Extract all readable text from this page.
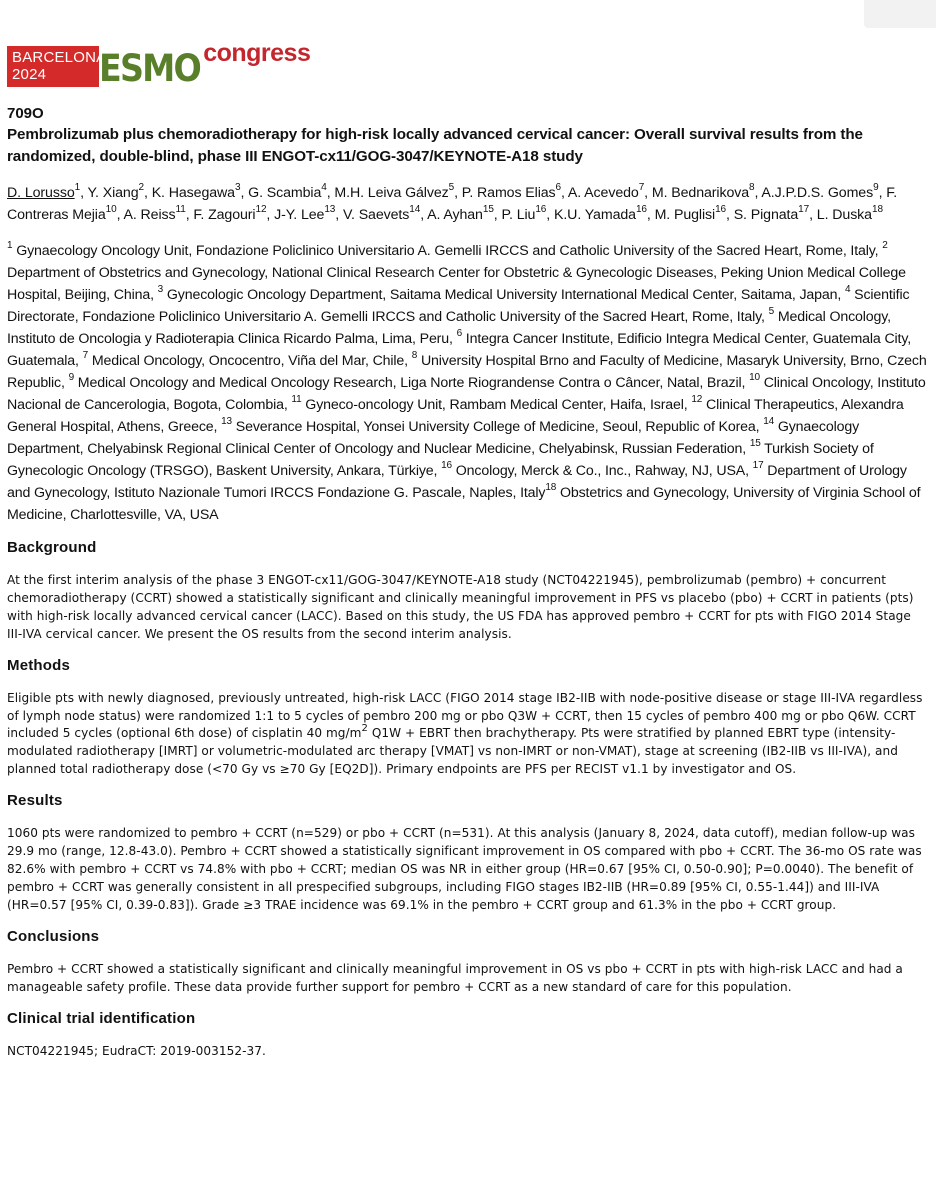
BARCELONA
2024	ESMO congress
709O
Pembrolizumab plus chemoradiotherapy for high-risk locally advanced cervical cancer: Overall survival results from the randomized, double-blind, phase III ENGOT-cx11/GOG-3047/KEYNOTE-A18 study
D. Lorusso$^1$, Y. Xiang$^2$, K. Hasegawa$^3$, G. Scambia$^4$, M.H. Leiva Gálvez$^5$, P. Ramos Elias$^6$, A. Acevedo$^7$, M. Bednarikova$^8$, A.J.P.D.S. Gomes$^9$, F. Contreras Mejia$^{10}$, A. Reiss$^{11}$, F. Zagouri$^{12}$, J-Y. Lee$^{13}$, V. Saevets$^{14}$, A. Ayhan$^{15}$, P. Liu$^{16}$, K.U. Yamada$^{16}$, M. Puglisi$^{16}$, S. Pignata$^{17}$, L. Duska$^{18}$
$^1$ Gynaecology Oncology Unit, Fondazione Policlinico Universitario A. Gemelli IRCCS and Catholic University of the Sacred Heart, Rome, Italy, $^2$ Department of Obstetrics and Gynecology, National Clinical Research Center for Obstetric & Gynecologic Diseases, Peking Union Medical College Hospital, Beijing, China, $^3$ Gynecologic Oncology Department, Saitama Medical University International Medical Center, Saitama, Japan, $^4$ Scientific Directorate, Fondazione Policlinico Universitario A. Gemelli IRCCS and Catholic University of the Sacred Heart, Rome, Italy, $^5$ Medical Oncology, Instituto de Oncologia y Radioterapia Clinica Ricardo Palma, Lima, Peru, $^6$ Integra Cancer Institute, Edificio Integra Medical Center, Guatemala City, Guatemala, $^7$ Medical Oncology, Oncocentro, Viña del Mar, Chile, $^8$ University Hospital Brno and Faculty of Medicine, Masaryk University, Brno, Czech Republic, $^9$ Medical Oncology and Medical Oncology Research, Liga Norte Riograndense Contra o Câncer, Natal, Brazil, $^{10}$ Clinical Oncology, Instituto Nacional de Cancerologia, Bogota, Colombia, $^{11}$ Gyneco-oncology Unit, Rambam Medical Center, Haifa, Israel, $^{12}$ Clinical Therapeutics, Alexandra General Hospital, Athens, Greece, $^{13}$ Severance Hospital, Yonsei University College of Medicine, Seoul, Republic of Korea, $^{14}$ Gynaecology Department, Chelyabinsk Regional Clinical Center of Oncology and Nuclear Medicine, Chelyabinsk, Russian Federation, $^{15}$ Turkish Society of Gynecologic Oncology (TRSGO), Baskent University, Ankara, Türkiye, $^{16}$ Oncology, Merck & Co., Inc., Rahway, NJ, USA, $^{17}$ Department of Urology and Gynecology, Istituto Nazionale Tumori IRCCS Fondazione G. Pascale, Naples, Italy$^{18}$ Obstetrics and Gynecology, University of Virginia School of Medicine, Charlottesville, VA, USA
Background
At the first interim analysis of the phase 3 ENGOT-cx11/GOG-3047/KEYNOTE-A18 study (NCT04221945), pembrolizumab (pembro) + concurrent chemoradiotherapy (CCRT) showed a statistically significant and clinically meaningful improvement in PFS vs placebo (pbo) + CCRT in patients (pts) with high-risk locally advanced cervical cancer (LACC). Based on this study, the US FDA has approved pembro + CCRT for pts with FIGO 2014 Stage III-IVA cervical cancer. We present the OS results from the second interim analysis.
Methods
Eligible pts with newly diagnosed, previously untreated, high-risk LACC (FIGO 2014 stage IB2-IIB with node-positive disease or stage III-IVA regardless of lymph node status) were randomized 1:1 to 5 cycles of pembro 200 mg or pbo Q3W + CCRT, then 15 cycles of pembro 400 mg or pbo Q6W. CCRT included 5 cycles (optional 6th dose) of cisplatin 40 $mg/m^2$ Q1W + EBRT then brachytherapy. Pts were stratified by planned EBRT type (intensity-modulated radiotherapy [IMRT] or volumetric-modulated arc therapy [VMAT] vs non-IMRT or non-VMAT), stage at screening (IB2-IIB vs III-IVA), and planned total radiotherapy dose (<70 Gy vs ≥70 Gy [EQ2D]). Primary endpoints are PFS per RECIST v1.1 by investigator and OS.
Results
1060 pts were randomized to pembro + CCRT (n=529) or pbo + CCRT (n=531). At this analysis (January 8, 2024, data cutoff), median follow-up was 29.9 mo (range, 12.8-43.0). Pembro + CCRT showed a statistically significant improvement in OS compared with pbo + CCRT. The 36-mo OS rate was 82.6% with pembro + CCRT vs 74.8% with pbo + CCRT; median OS was NR in either group (HR=0.67 [95% CI, 0.50-0.90]; P=0.0040). The benefit of pembro + CCRT was generally consistent in all prespecified subgroups, including FIGO stages IB2-IIB (HR=0.89 [95% CI, 0.55-1.44]) and III-IVA (HR=0.57 [95% CI, 0.39-0.83]). Grade ≥3 TRAE incidence was 69.1% in the pembro + CCRT group and 61.3% in the pbo + CCRT group.
Conclusions
Pembro + CCRT showed a statistically significant and clinically meaningful improvement in OS vs pbo + CCRT in pts with high-risk LACC and had a manageable safety profile. These data provide further support for pembro + CCRT as a new standard of care for this population.
Clinical trial identification
NCT04221945; EudraCT: 2019-003152-37.
